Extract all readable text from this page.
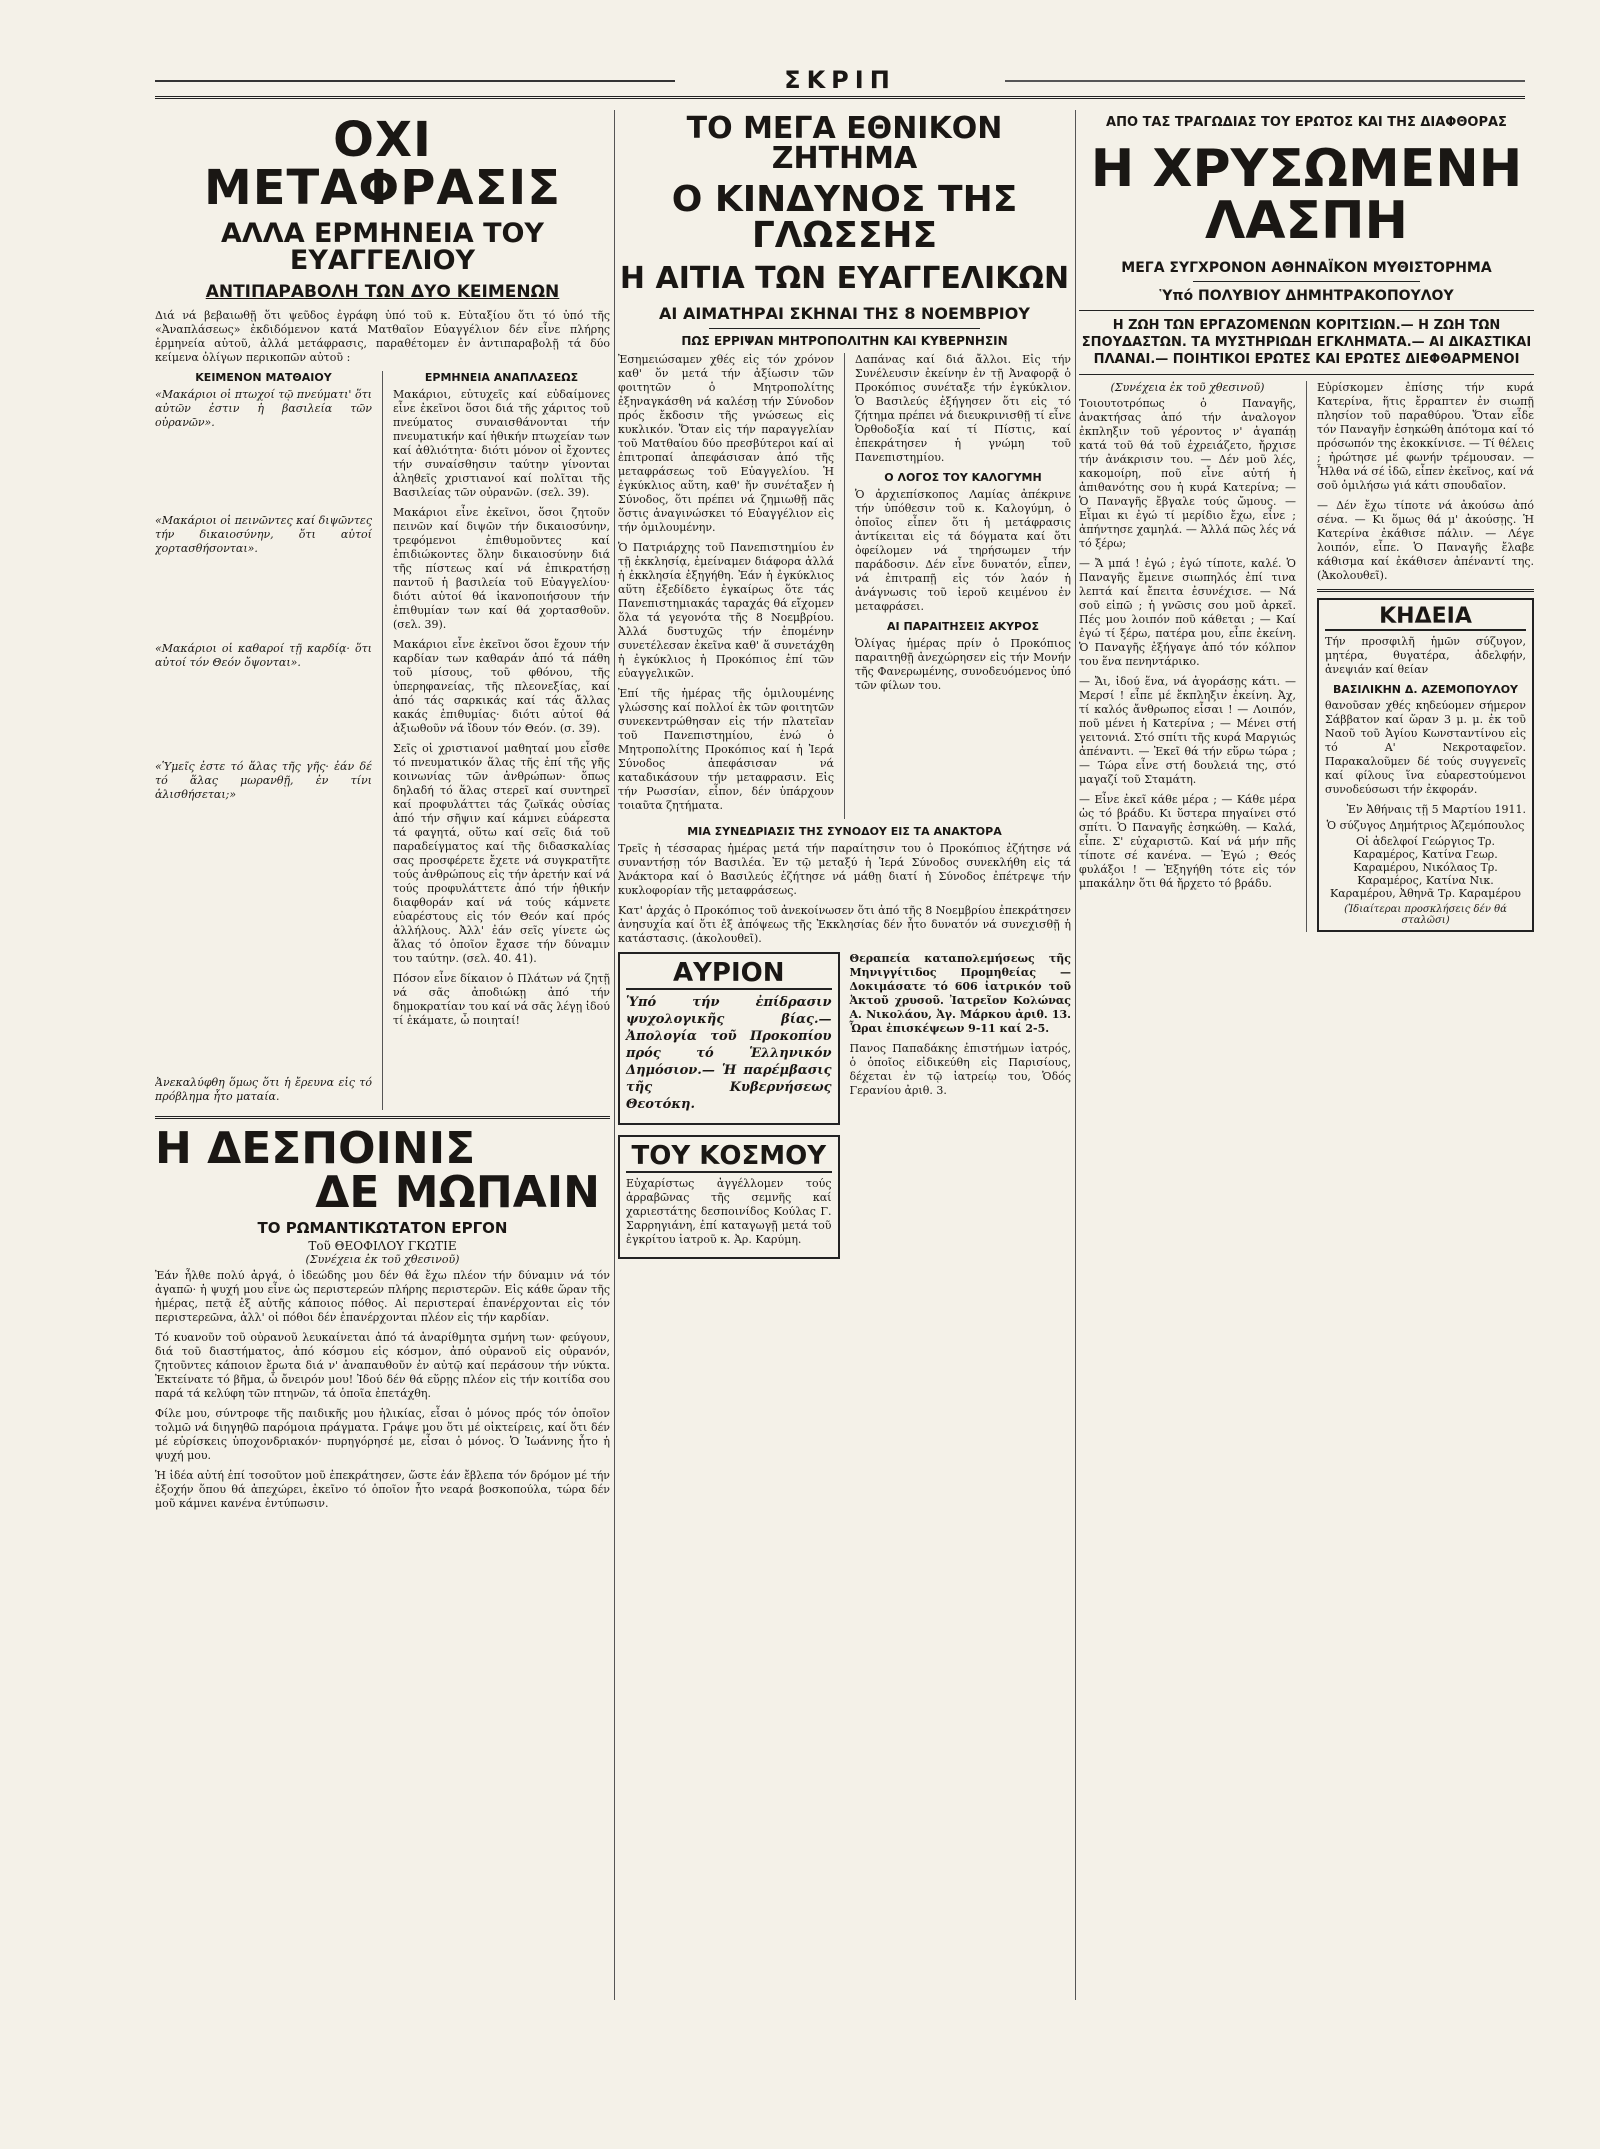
ΣΚΡΙΠ
ΟΧΙ ΜΕΤΑΦΡΑΣΙΣ
ΑΛΛΑ ΕΡΜΗΝΕΙΑ ΤΟΥ ΕΥΑΓΓΕΛΙΟΥ
ΑΝΤΙΠΑΡΑΒΟΛΗ ΤΩΝ ΔΥΟ ΚΕΙΜΕΝΩΝ

Διά νά βεβαιωθῇ ὅτι ψεῦδος ἐγράφη ὑπό τοῦ κ. Εὐταξίου ὅτι τό ὑπό τῆς «Ἀναπλάσεως» ἐκδιδόμενον κατά Ματθαῖον Εὐαγγέλιον δέν εἶνε πλήρης ἑρμηνεία αὐτοῦ, ἀλλά μετάφρασις, παραθέτομεν ἐν ἀντιπαραβολῇ τά δύο κείμενα ὀλίγων περικοπῶν αὐτοῦ :

ΚΕΙΜΕΝΟΝ ΜΑΤΘΑΙΟΥ

«Μακάριοι οἱ πτωχοί τῷ πνεύματι' ὅτι αὐτῶν ἐστιν ἡ βασιλεία τῶν οὐρανῶν».

«Μακάριοι οἱ πεινῶντες καί διψῶντες τήν δικαιοσύνην, ὅτι αὐτοί χορτασθήσονται».

«Μακάριοι οἱ καθαροί τῇ καρδίᾳ· ὅτι αὐτοί τόν Θεόν ὄψονται».

«Ὑμεῖς ἐστε τό ἅλας τῆς γῆς· ἐάν δέ τό ἅλας μωρανθῇ, ἐν τίνι ἁλισθήσεται;»

Ἀνεκαλύφθη ὅμως ὅτι ἡ ἔρευνα εἰς τό πρόβλημα ἦτο ματαία.

ΕΡΜΗΝΕΙΑ ΑΝΑΠΛΑΣΕΩΣ

Μακάριοι, εὐτυχεῖς καί εὐδαίμονες εἶνε ἐκεῖνοι ὅσοι διά τῆς χάριτος τοῦ πνεύματος συναισθάνονται τήν πνευματικήν καί ἠθικήν πτωχείαν των καί ἀθλιότητα· διότι μόνον οἱ ἔχοντες τήν συναίσθησιν ταύτην γίνονται ἀληθεῖς χριστιανοί καί πολῖται τῆς Βασιλείας τῶν οὐρανῶν. (σελ. 39).

Μακάριοι εἶνε ἐκεῖνοι, ὅσοι ζητοῦν πεινῶν καί διψῶν τήν δικαιοσύνην, τρεφόμενοι ἐπιθυμοῦντες καί ἐπιδιώκοντες ὅλην δικαιοσύνην διά τῆς πίστεως καί νά ἐπικρατήσῃ παντοῦ ἡ βασιλεία τοῦ Εὐαγγελίου· διότι αὐτοί θά ἱκανοποιήσουν τήν ἐπιθυμίαν των καί θά χορτασθοῦν. (σελ. 39).

Μακάριοι εἶνε ἐκεῖνοι ὅσοι ἔχουν τήν καρδίαν των καθαράν ἀπό τά πάθη τοῦ μίσους, τοῦ φθόνου, τῆς ὑπερηφανείας, τῆς πλεονεξίας, καί ἀπό τάς σαρκικάς καί τάς ἄλλας κακάς ἐπιθυμίας· διότι αὐτοί θά ἀξιωθοῦν νά ἴδουν τόν Θεόν. (σ. 39).

Σεῖς οἱ χριστιανοί μαθηταί μου εἶσθε τό πνευματικόν ἅλας τῆς ἐπί τῆς γῆς κοινωνίας τῶν ἀνθρώπων· ὅπως δηλαδή τό ἅλας στερεῖ καί συντηρεῖ καί προφυλάττει τάς ζωϊκάς οὐσίας ἀπό τήν σῆψιν καί κάμνει εὐάρεστα τά φαγητά, οὕτω καί σεῖς διά τοῦ παραδείγματος καί τῆς διδασκαλίας σας προσφέρετε ἔχετε νά συγκρατῆτε τούς ἀνθρώπους εἰς τήν ἀρετήν καί νά τούς προφυλάττετε ἀπό τήν ἠθικήν διαφθοράν καί νά τούς κάμνετε εὐαρέστους εἰς τόν Θεόν καί πρός ἀλλήλους. Ἀλλ' ἐάν σεῖς γίνετε ὡς ἅλας τό ὁποῖον ἔχασε τήν δύναμιν του ταύτην. (σελ. 40. 41).

Πόσον εἶνε δίκαιον ὁ Πλάτων νά ζητῇ νά σᾶς ἀποδιώκῃ ἀπό τήν δημοκρατίαν του καί νά σᾶς λέγῃ ἰδού τί ἐκάματε, ὦ ποιηταί!

Η ΔΕΣΠΟΙΝΙΣ
ΔΕ ΜΩΠΑΙΝ
ΤΟ ΡΩΜΑΝΤΙΚΩΤΑΤΟΝ ΕΡΓΟΝ
Τοῦ ΘΕΟΦΙΛΟΥ ΓΚΩΤΙΕ
(Συνέχεια ἐκ τοῦ χθεσινοῦ)

Ἐάν ἦλθε πολύ ἀργά, ὁ ἰδεώδης μου δέν θά ἔχω πλέον τήν δύναμιν νά τόν ἀγαπῶ· ἡ ψυχή μου εἶνε ὡς περιστερεών πλήρης περιστερῶν. Εἰς κάθε ὥραν τῆς ἡμέρας, πετᾷ ἐξ αὐτῆς κάποιος πόθος. Αἱ περιστεραί ἐπανέρχονται εἰς τόν περιστερεῶνα, ἀλλ' οἱ πόθοι δέν ἐπανέρχονται πλέον εἰς τήν καρδίαν.

Τό κυανοῦν τοῦ οὐρανοῦ λευκαίνεται ἀπό τά ἀναρίθμητα σμήνη των· φεύγουν, διά τοῦ διαστήματος, ἀπό κόσμου εἰς κόσμον, ἀπό οὐρανοῦ εἰς οὐρανόν, ζητοῦντες κάποιον ἔρωτα διά ν' ἀναπαυθοῦν ἐν αὐτῷ καί περάσουν τήν νύκτα. Ἐκτείνατε τό βῆμα, ὦ ὄνειρόν μου! Ἰδού δέν θά εὕρῃς πλέον εἰς τήν κοιτίδα σου παρά τά κελύφη τῶν πτηνῶν, τά ὁποῖα ἐπετάχθη.

Φίλε μου, σύντροφε τῆς παιδικῆς μου ἡλικίας, εἶσαι ὁ μόνος πρός τόν ὁποῖον τολμῶ νά διηγηθῶ παρόμοια πράγματα. Γράψε μου ὅτι μέ οἰκτείρεις, καί ὅτι δέν μέ εὑρίσκεις ὑποχονδριακόν· πυρηγόρησέ με, εἶσαι ὁ μόνος. Ὁ Ἰωάννης ἦτο ἡ ψυχή μου.

Ἡ ἰδέα αὐτή ἐπί τοσοῦτον μοῦ ἐπεκράτησεν, ὥστε ἐάν ἔβλεπα τόν δρόμον μέ τήν ἐξοχήν ὅπου θά ἀπεχώρει, ἐκεῖνο τό ὁποῖον ἦτο νεαρά βοσκοπούλα, τώρα δέν μοῦ κάμνει κανένα ἐντύπωσιν.

ΤΟ ΜΕΓΑ ΕΘΝΙΚΟΝ ΖΗΤΗΜΑ
Ο ΚΙΝΔΥΝΟΣ ΤΗΣ ΓΛΩΣΣΗΣ
Η ΑΙΤΙΑ ΤΩΝ ΕΥΑΓΓΕΛΙΚΩΝ
ΑΙ ΑΙΜΑΤΗΡΑΙ ΣΚΗΝΑΙ ΤΗΣ 8 ΝΟΕΜΒΡΙΟΥ
ΠΩΣ ΕΡΡΙΨΑΝ ΜΗΤΡΟΠΟΛΙΤΗΝ ΚΑΙ ΚΥΒΕΡΝΗΣΙΝ

Ἐσημειώσαμεν χθές εἰς τόν χρόνον καθ' ὅν μετά τήν ἀξίωσιν τῶν φοιτητῶν ὁ Μητροπολίτης ἐξηναγκάσθη νά καλέσῃ τήν Σύνοδον πρός ἔκδοσιν τῆς γνώσεως εἰς κυκλικόν. Ὅταν εἰς τήν παραγγελίαν τοῦ Ματθαίου δύο πρεσβύτεροι καί αἱ ἐπιτροπαί ἀπεφάσισαν ἀπό τῆς μεταφράσεως τοῦ Εὐαγγελίου. Ἡ ἐγκύκλιος αὕτη, καθ' ἥν συνέταξεν ἡ Σύνοδος, ὅτι πρέπει νά ζημιωθῇ πᾶς ὅστις ἀναγινώσκει τό Εὐαγγέλιον εἰς τήν ὁμιλουμένην.

Ὁ Πατριάρχης τοῦ Πανεπιστημίου ἐν τῇ ἐκκλησίᾳ, ἐμείναμεν διάφορα ἀλλά ἡ ἐκκλησία ἐξηγήθη. Ἐάν ἡ ἐγκύκλιος αὕτη ἐξεδίδετο ἐγκαίρως ὅτε τάς Πανεπιστημιακάς ταραχάς θά εἴχομεν ὅλα τά γεγονότα τῆς 8 Νοεμβρίου. Ἀλλά δυστυχῶς τήν ἑπομένην συνετέλεσαν ἐκεῖνα καθ' ἅ συνετάχθη ἡ ἐγκύκλιος ἡ Προκόπιος ἐπί τῶν εὐαγγελικῶν.

Ἐπί τῆς ἡμέρας τῆς ὁμιλουμένης γλώσσης καί πολλοί ἐκ τῶν φοιτητῶν συνεκεντρώθησαν εἰς τήν πλατεῖαν τοῦ Πανεπιστημίου, ἐνώ ὁ Μητροπολίτης Προκόπιος καί ἡ Ἱερά Σύνοδος ἀπεφάσισαν νά καταδικάσουν τήν μεταφρασιν. Εἰς τήν Ρωσσίαν, εἶπον, δέν ὑπάρχουν τοιαῦτα ζητήματα.

Δαπάνας καί διά ἄλλοι. Εἰς τήν Συνέλευσιν ἐκείνην ἐν τῇ Ἀναφορᾷ ὁ Προκόπιος συνέταξε τήν ἐγκύκλιον. Ὁ Βασιλεύς ἐξήγησεν ὅτι εἰς τό ζήτημα πρέπει νά διευκρινισθῇ τί εἶνε Ὀρθοδοξία καί τί Πίστις, καί ἐπεκράτησεν ἡ γνώμη τοῦ Πανεπιστημίου.

Ο ΛΟΓΟΣ ΤΟΥ ΚΑΛΟΓΥΜΗ

Ὁ ἀρχιεπίσκοπος Λαμίας ἀπέκρινε τήν ὑπόθεσιν τοῦ κ. Καλογύμη, ὁ ὁποῖος εἶπεν ὅτι ἡ μετάφρασις ἀντίκειται εἰς τά δόγματα καί ὅτι ὀφείλομεν νά τηρήσωμεν τήν παράδοσιν. Δέν εἶνε δυνατόν, εἶπεν, νά ἐπιτραπῇ εἰς τόν λαόν ἡ ἀνάγνωσις τοῦ ἱεροῦ κειμένου ἐν μεταφράσει.

ΑΙ ΠΑΡΑΙΤΗΣΕΙΣ ΑΚΥΡΟΣ

Ὀλίγας ἡμέρας πρίν ὁ Προκόπιος παραιτηθῇ ἀνεχώρησεν εἰς τήν Μονήν τῆς Φανερωμένης, συνοδευόμενος ὑπό τῶν φίλων του.

ΜΙΑ ΣΥΝΕΔΡΙΑΣΙΣ ΤΗΣ ΣΥΝΟΔΟΥ ΕΙΣ ΤΑ ΑΝΑΚΤΟΡΑ

Τρεῖς ἡ τέσσαρας ἡμέρας μετά τήν παραίτησιν του ὁ Προκόπιος ἐζήτησε νά συναντήσῃ τόν Βασιλέα. Ἐν τῷ μεταξύ ἡ Ἱερά Σύνοδος συνεκλήθη εἰς τά Ἀνάκτορα καί ὁ Βασιλεύς ἐζήτησε νά μάθῃ διατί ἡ Σύνοδος ἐπέτρεψε τήν κυκλοφορίαν τῆς μεταφράσεως.

Κατ' ἀρχάς ὁ Προκόπιος τοῦ ἀνεκοίνωσεν ὅτι ἀπό τῆς 8 Νοεμβρίου ἐπεκράτησεν ἀνησυχία καί ὅτι ἐξ ἀπόψεως τῆς Ἐκκλησίας δέν ἦτο δυνατόν νά συνεχισθῇ ἡ κατάστασις. (ἀκολουθεῖ).

ΑΥΡΙΟΝ

Ὑπό τήν ἐπίδρασιν ψυχολογικῆς βίας.— Ἀπολογία τοῦ Προκοπίου πρός τό Ἑλληνικόν Δημόσιον.— Ἡ παρέμβασις τῆς Κυβερνήσεως Θεοτόκη.

ΤΟΥ ΚΟΣΜΟΥ

Εὐχαρίστως ἀγγέλλομεν τούς ἀρραβῶνας τῆς σεμνῆς καί χαριεστάτης δεσποινίδος Κούλας Γ. Σαρρηγιάνη, ἐπί καταγωγῇ μετά τοῦ ἐγκρίτου ἰατροῦ κ. Ἀρ. Καρύμη.

Θεραπεία καταπολεμήσεως τῆς Μηνιγγίτιδος Προμηθείας — Δοκιμάσατε τό 606 ἰατρικόν τοῦ Ἀκτοῦ χρυσοῦ. Ἰατρεῖον Κολώνας Α. Νικολάου, Ἀγ. Μάρκου ἀριθ. 13. Ὧραι ἐπισκέψεων 9-11 καί 2-5.

Πανος Παπαδάκης ἐπιστήμων ἰατρός, ὁ ὁποῖος εἰδικεύθη εἰς Παρισίους, δέχεται ἐν τῷ ἰατρείῳ του, Ὁδός Γερανίου ἀριθ. 3.

ΑΠΟ ΤΑΣ ΤΡΑΓΩΔΙΑΣ ΤΟΥ ΕΡΩΤΟΣ ΚΑΙ ΤΗΣ ΔΙΑΦΘΟΡΑΣ
Η ΧΡΥΣΩΜΕΝΗ ΛΑΣΠΗ
ΜΕΓΑ ΣΥΓΧΡΟΝΟΝ ΑΘΗΝΑΪΚΟΝ ΜΥΘΙΣΤΟΡΗΜΑ
Ὑπό ΠΟΛΥΒΙΟΥ ΔΗΜΗΤΡΑΚΟΠΟΥΛΟΥ
Η ΖΩΗ ΤΩΝ ΕΡΓΑΖΟΜΕΝΩΝ ΚΟΡΙΤΣΙΩΝ.— Η ΖΩΗ ΤΩΝ ΣΠΟΥΔΑΣΤΩΝ. ΤΑ ΜΥΣΤΗΡΙΩΔΗ ΕΓΚΛΗΜΑΤΑ.— ΑΙ ΔΙΚΑΣΤΙΚΑΙ ΠΛΑΝΑΙ.— ΠΟΙΗΤΙΚΟΙ ΕΡΩΤΕΣ ΚΑΙ ΕΡΩΤΕΣ ΔΙΕΦΘΑΡΜΕΝΟΙ
(Συνέχεια ἐκ τοῦ χθεσινοῦ)

Τοιουτοτρόπως ὁ Παναγῆς, ἀνακτήσας ἀπό τήν ἀναλογον ἐκπληξιν τοῦ γέροντος ν' ἀγαπάῃ κατά τοῦ θά τοῦ ἐχρειάζετο, ἤρχισε τήν ἀνάκρισιν του. — Δέν μοῦ λές, κακομοίρη, ποῦ εἶνε αὐτή ἡ ἀπιθανότης σου ἡ κυρά Κατερίνα; — Ὁ Παναγῆς ἔβγαλε τούς ὤμους. — Εἶμαι κι ἐγώ τί μερίδιο ἔχω, εἶνε ; ἀπήντησε χαμηλά. — Ἀλλά πῶς λές νά τό ξέρω;

— Ἄ μπά ! ἐγώ ; ἐγώ τίποτε, καλέ. Ὁ Παναγῆς ἔμεινε σιωπηλός ἐπί τινα λεπτά καί ἔπειτα ἐσυνέχισε. — Νά σοῦ εἰπῶ ; ἡ γνῶσις σου μοῦ ἀρκεῖ. Πές μου λοιπόν ποῦ κάθεται ; — Καί ἐγώ τί ξέρω, πατέρα μου, εἶπε ἐκείνη. Ὁ Παναγῆς ἐξήγαγε ἀπό τόν κόλπον του ἕνα πενηντάρικο.

— Ἄι, ἰδού ἕνα, νά ἀγοράσῃς κάτι. — Μερσί ! εἶπε μέ ἔκπληξιν ἐκείνη. Ἀχ, τί καλός ἄνθρωπος εἶσαι ! — Λοιπόν, ποῦ μένει ἡ Κατερίνα ; — Μένει στή γειτονιά. Στό σπίτι τῆς κυρά Μαργιώς ἀπέναντι. — Ἐκεῖ θά τήν εὕρω τώρα ; — Τώρα εἶνε στή δουλειά της, στό μαγαζί τοῦ Σταμάτη.

— Εἶνε ἐκεῖ κάθε μέρα ; — Κάθε μέρα ὡς τό βράδυ. Κι ὕστερα πηγαίνει στό σπίτι. Ὁ Παναγῆς ἐσηκώθη. — Καλά, εἶπε. Σ' εὐχαριστῶ. Καί νά μήν πῆς τίποτε σέ κανένα. — Ἐγώ ; Θεός φυλάξοι ! — Ἐξηγήθη τότε εἰς τόν μπακάλην ὅτι θά ἤρχετο τό βράδυ.

Εὐρίσκομεν ἐπίσης τήν κυρά Κατερίνα, ἥτις ἔρραπτεν ἐν σιωπῇ πλησίον τοῦ παραθύρου. Ὅταν εἶδε τόν Παναγῆν ἐσηκώθη ἀπότομα καί τό πρόσωπόν της ἐκοκκίνισε. — Τί θέλεις ; ἠρώτησε μέ φωνήν τρέμουσαν. — Ἦλθα νά σέ ἰδῶ, εἶπεν ἐκεῖνος, καί νά σοῦ ὁμιλήσω γιά κάτι σπουδαῖον.

— Δέν ἔχω τίποτε νά ἀκούσω ἀπό σένα. — Κι ὅμως θά μ' ἀκούσῃς. Ἡ Κατερίνα ἐκάθισε πάλιν. — Λέγε λοιπόν, εἶπε. Ὁ Παναγῆς ἔλαβε κάθισμα καί ἐκάθισεν ἀπέναντί της. (Ἀκολουθεῖ).

ΚΗΔΕΙΑ

Τήν προσφιλῆ ἡμῶν σύζυγον, μητέρα, θυγατέρα, ἀδελφήν, ἀνεψιάν καί θείαν

ΒΑΣΙΛΙΚΗΝ Δ. ΑΖΕΜΟΠΟΥΛΟΥ

θανοῦσαν χθές κηδεύομεν σήμερον Σάββατον καί ὥραν 3 μ. μ. ἐκ τοῦ Ναοῦ τοῦ Ἁγίου Κωνσταντίνου εἰς τό Α' Νεκροταφεῖον. Παρακαλοῦμεν δέ τούς συγγενεῖς καί φίλους ἵνα εὐαρεστούμενοι συνοδεύσωσι τήν ἐκφοράν.

Ἐν Ἀθήναις τῇ 5 Μαρτίου 1911.
Ὁ σύζυγος Δημήτριος Ἀζεμόπουλος
Οἱ ἀδελφοί Γεώργιος Τρ. Καραμέρος, Κατίνα Γεωρ. Καραμέρου, Νικόλαος Τρ. Καραμέρος, Κατίνα Νικ. Καραμέρου, Ἀθηνᾶ Τρ. Καραμέρου
(Ἰδιαίτεραι προσκλήσεις δέν θά σταλῶσι)
